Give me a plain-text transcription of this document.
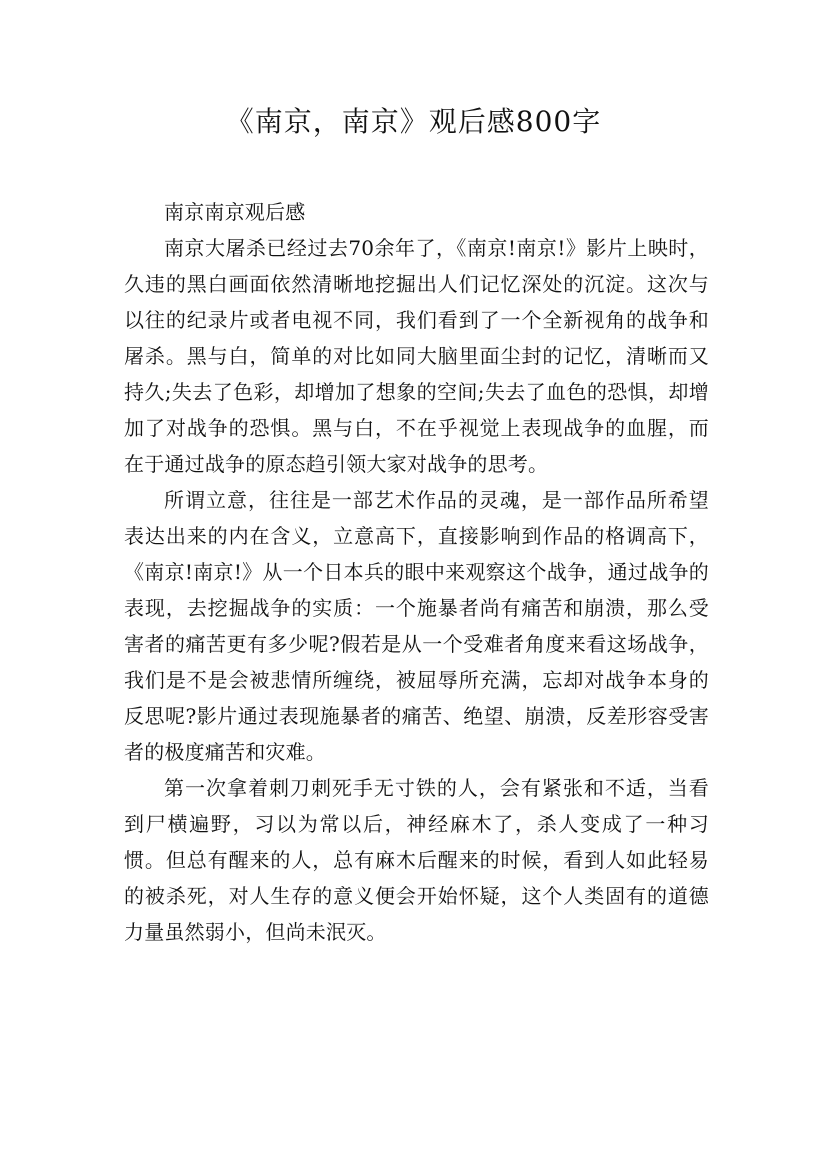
《南京，南京》观后感800字

南京南京观后感

南京大屠杀已经过去70余年了，《南京!南京!》影片上映时，久违的黑白画面依然清晰地挖掘出人们记忆深处的沉淀。这次与以往的纪录片或者电视不同，我们看到了一个全新视角的战争和屠杀。黑与白，简单的对比如同大脑里面尘封的记忆，清晰而又持久;失去了色彩，却增加了想象的空间;失去了血色的恐惧，却增加了对战争的恐惧。黑与白，不在乎视觉上表现战争的血腥，而在于通过战争的原态趋引领大家对战争的思考。

所谓立意，往往是一部艺术作品的灵魂，是一部作品所希望表达出来的内在含义，立意高下，直接影响到作品的格调高下，《南京!南京!》从一个日本兵的眼中来观察这个战争，通过战争的表现，去挖掘战争的实质：一个施暴者尚有痛苦和崩溃，那么受害者的痛苦更有多少呢?假若是从一个受难者角度来看这场战争，我们是不是会被悲情所缠绕，被屈辱所充满，忘却对战争本身的反思呢?影片通过表现施暴者的痛苦、绝望、崩溃，反差形容受害者的极度痛苦和灾难。

第一次拿着刺刀刺死手无寸铁的人，会有紧张和不适，当看到尸横遍野，习以为常以后，神经麻木了，杀人变成了一种习惯。但总有醒来的人，总有麻木后醒来的时候，看到人如此轻易的被杀死，对人生存的意义便会开始怀疑，这个人类固有的道德力量虽然弱小，但尚未泯灭。
